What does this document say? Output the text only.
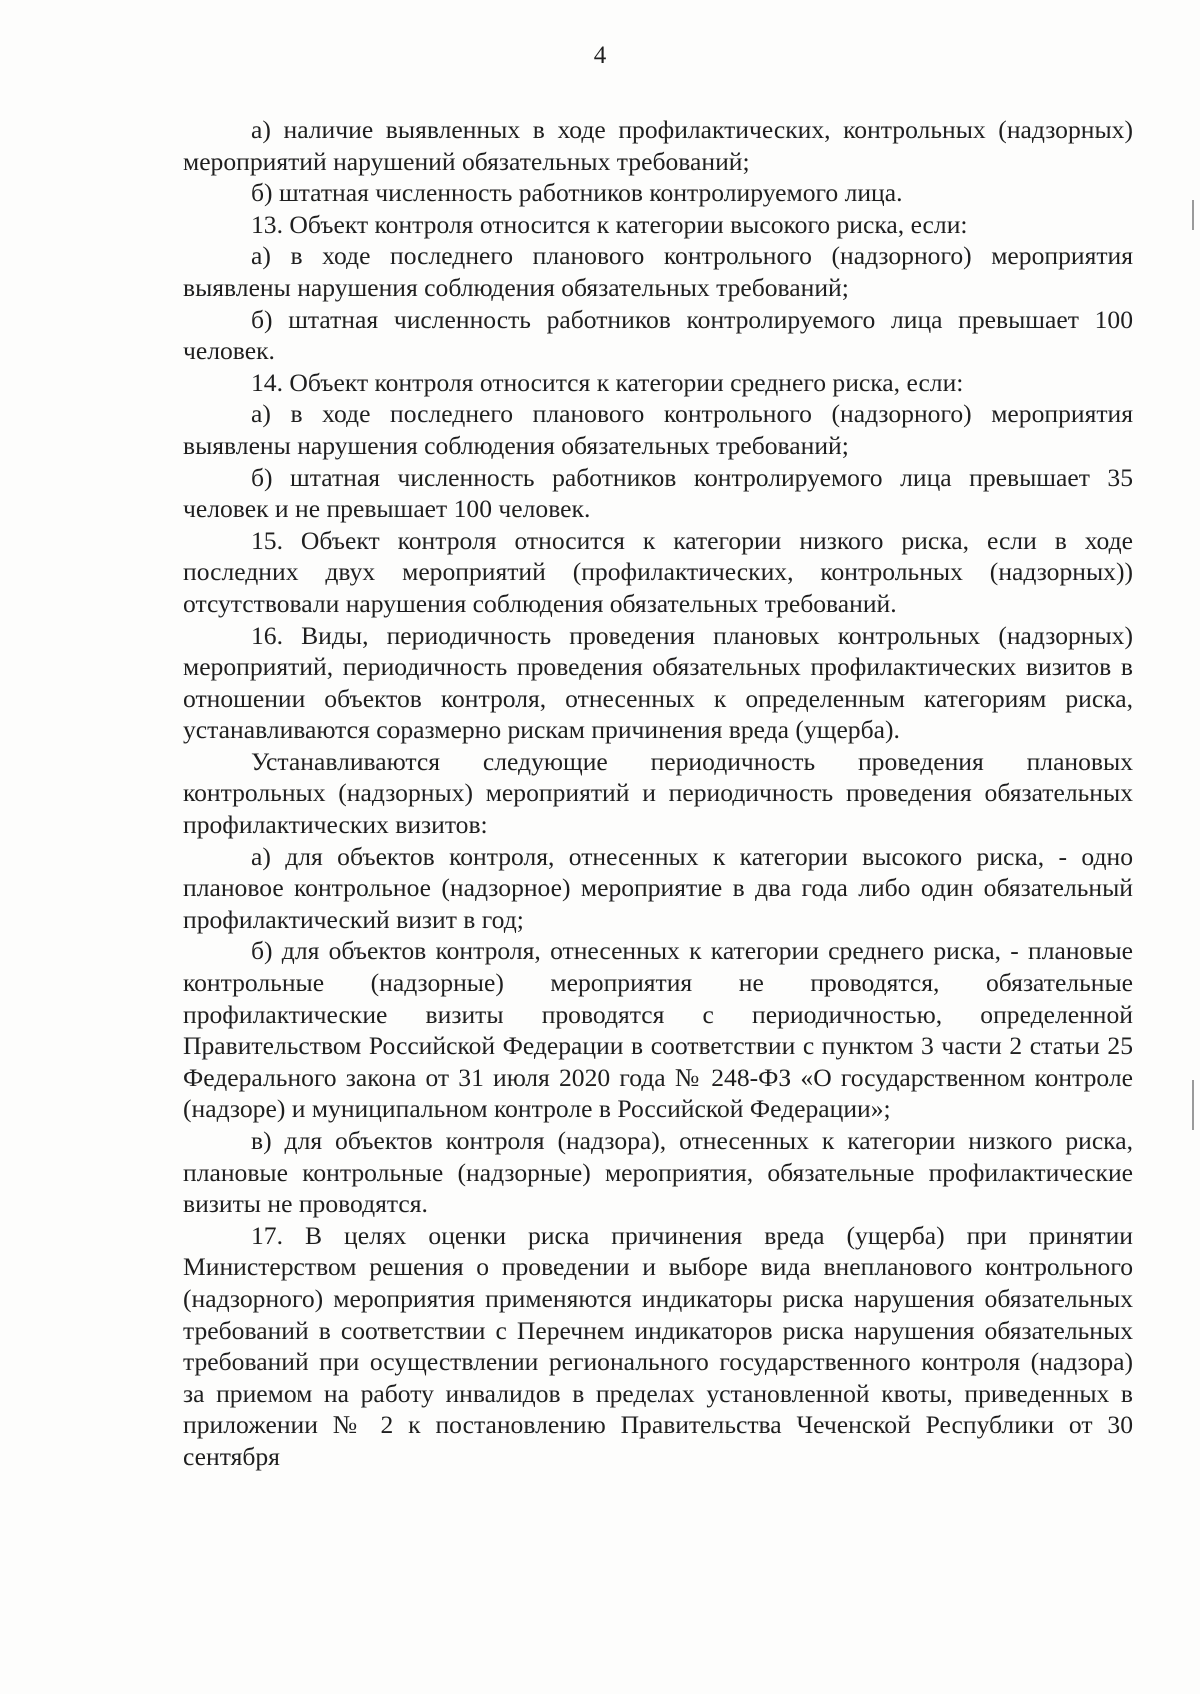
4

а) наличие выявленных в ходе профилактических, контрольных (надзорных) мероприятий нарушений обязательных требований;

б) штатная численность работников контролируемого лица.

13. Объект контроля относится к категории высокого риска, если:

а) в ходе последнего планового контрольного (надзорного) мероприятия выявлены нарушения соблюдения обязательных требований;

б) штатная численность работников контролируемого лица превышает 100 человек.

14. Объект контроля относится к категории среднего риска, если:

а) в ходе последнего планового контрольного (надзорного) мероприятия выявлены нарушения соблюдения обязательных требований;

б) штатная численность работников контролируемого лица превышает 35 человек и не превышает 100 человек.

15. Объект контроля относится к категории низкого риска, если в ходе последних двух мероприятий (профилактических, контрольных (надзорных)) отсутствовали нарушения соблюдения обязательных требований.

16. Виды, периодичность проведения плановых контрольных (надзорных) мероприятий, периодичность проведения обязательных профилактических визитов в отношении объектов контроля, отнесенных к определенным категориям риска, устанавливаются соразмерно рискам причинения вреда (ущерба).

Устанавливаются следующие периодичность проведения плановых контрольных (надзорных) мероприятий и периодичность проведения обязательных профилактических визитов:

а) для объектов контроля, отнесенных к категории высокого риска, - одно плановое контрольное (надзорное) мероприятие в два года либо один обязательный профилактический визит в год;

б) для объектов контроля, отнесенных к категории среднего риска, - плановые контрольные (надзорные) мероприятия не проводятся, обязательные профилактические визиты проводятся с периодичностью, определенной Правительством Российской Федерации в соответствии с пунктом 3 части 2 статьи 25 Федерального закона от 31 июля 2020 года № 248-ФЗ «О государственном контроле (надзоре) и муниципальном контроле в Российской Федерации»;

в) для объектов контроля (надзора), отнесенных к категории низкого риска, плановые контрольные (надзорные) мероприятия, обязательные профилактические визиты не проводятся.

17. В целях оценки риска причинения вреда (ущерба) при принятии Министерством решения о проведении и выборе вида внепланового контрольного (надзорного) мероприятия применяются индикаторы риска нарушения обязательных требований в соответствии с Перечнем индикаторов риска нарушения обязательных требований при осуществлении регионального государственного контроля (надзора) за приемом на работу инвалидов в пределах установленной квоты, приведенных в приложении № 2 к постановлению Правительства Чеченской Республики от 30 сентября
